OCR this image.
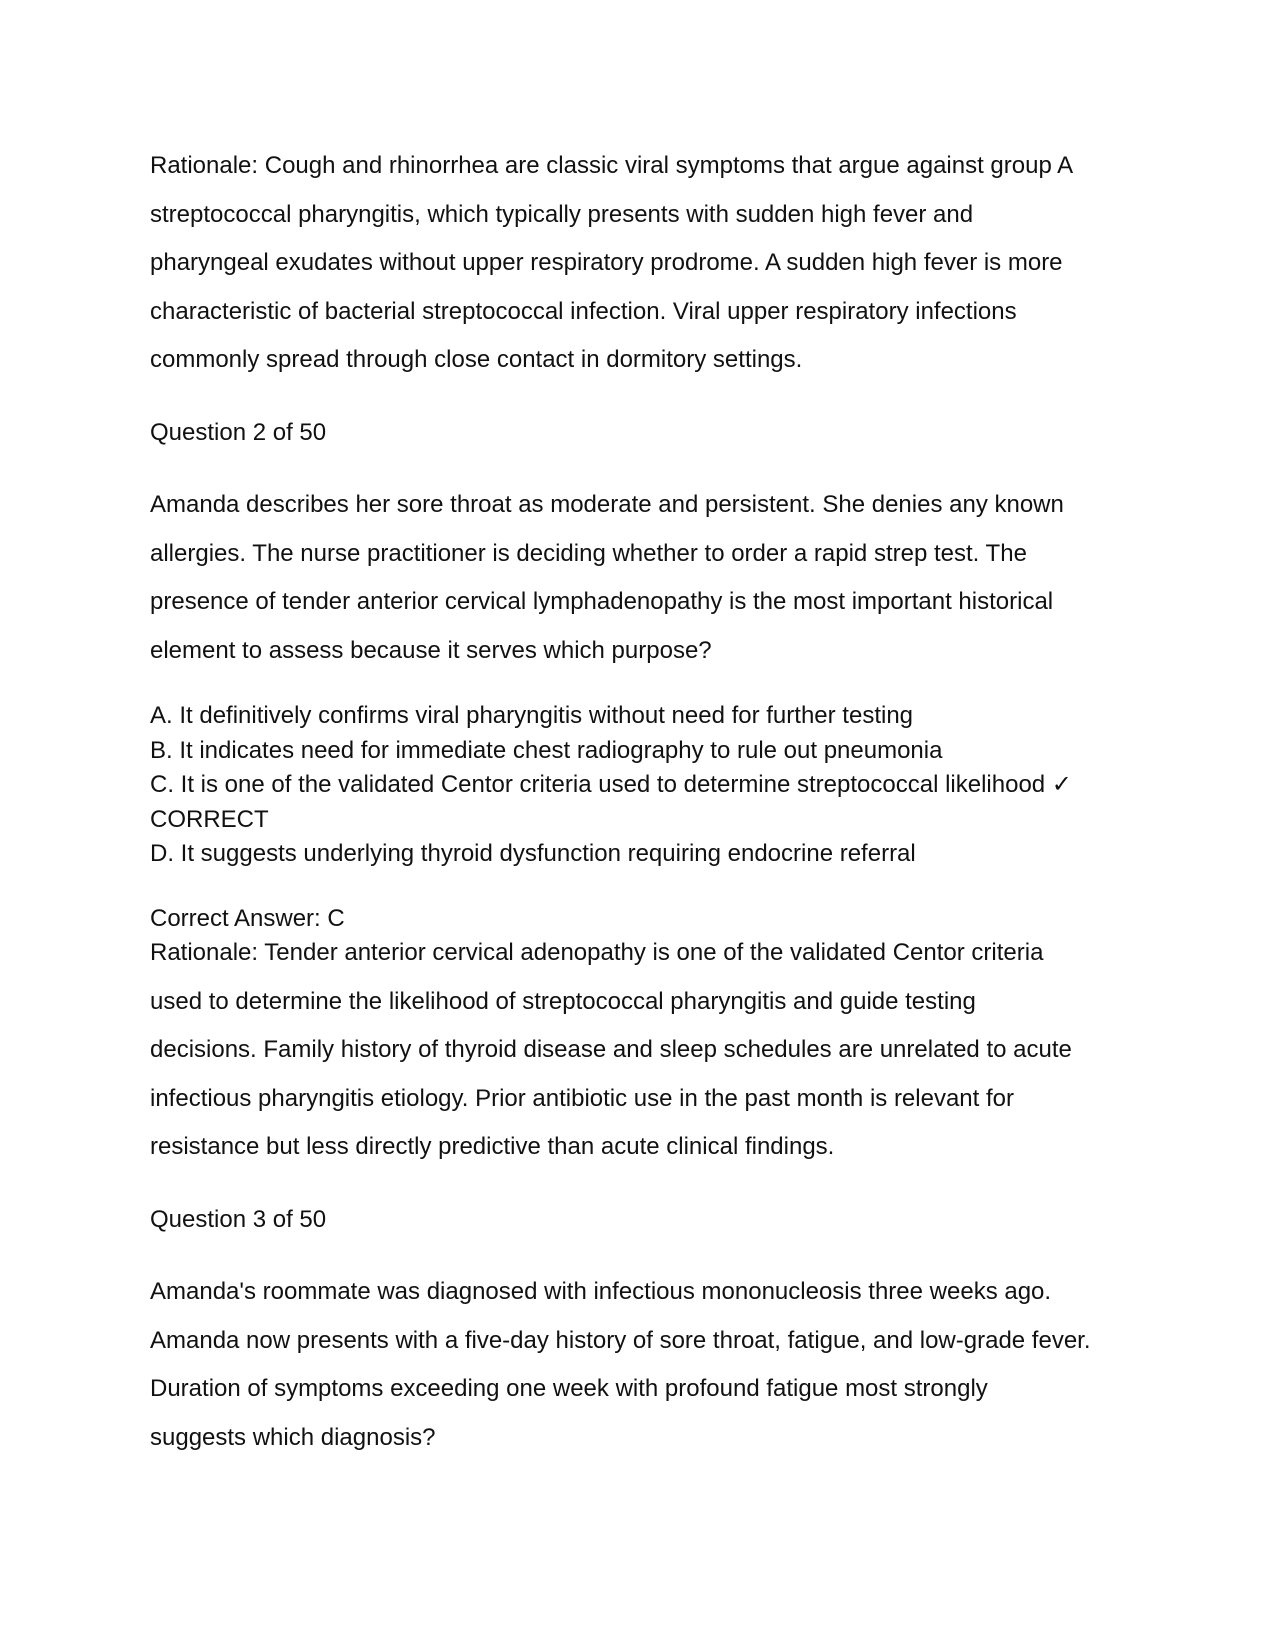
Rationale: Cough and rhinorrhea are classic viral symptoms that argue against group A
streptococcal pharyngitis, which typically presents with sudden high fever and
pharyngeal exudates without upper respiratory prodrome. A sudden high fever is more
characteristic of bacterial streptococcal infection. Viral upper respiratory infections
commonly spread through close contact in dormitory settings.

Question 2 of 50

Amanda describes her sore throat as moderate and persistent. She denies any known
allergies. The nurse practitioner is deciding whether to order a rapid strep test. The
presence of tender anterior cervical lymphadenopathy is the most important historical
element to assess because it serves which purpose?

A. It definitively confirms viral pharyngitis without need for further testing
B. It indicates need for immediate chest radiography to rule out pneumonia
C. It is one of the validated Centor criteria used to determine streptococcal likelihood ✓
CORRECT
D. It suggests underlying thyroid dysfunction requiring endocrine referral
Correct Answer: C

Rationale: Tender anterior cervical adenopathy is one of the validated Centor criteria
used to determine the likelihood of streptococcal pharyngitis and guide testing
decisions. Family history of thyroid disease and sleep schedules are unrelated to acute
infectious pharyngitis etiology. Prior antibiotic use in the past month is relevant for
resistance but less directly predictive than acute clinical findings.

Question 3 of 50

Amanda's roommate was diagnosed with infectious mononucleosis three weeks ago.
Amanda now presents with a five-day history of sore throat, fatigue, and low-grade fever.
Duration of symptoms exceeding one week with profound fatigue most strongly
suggests which diagnosis?
